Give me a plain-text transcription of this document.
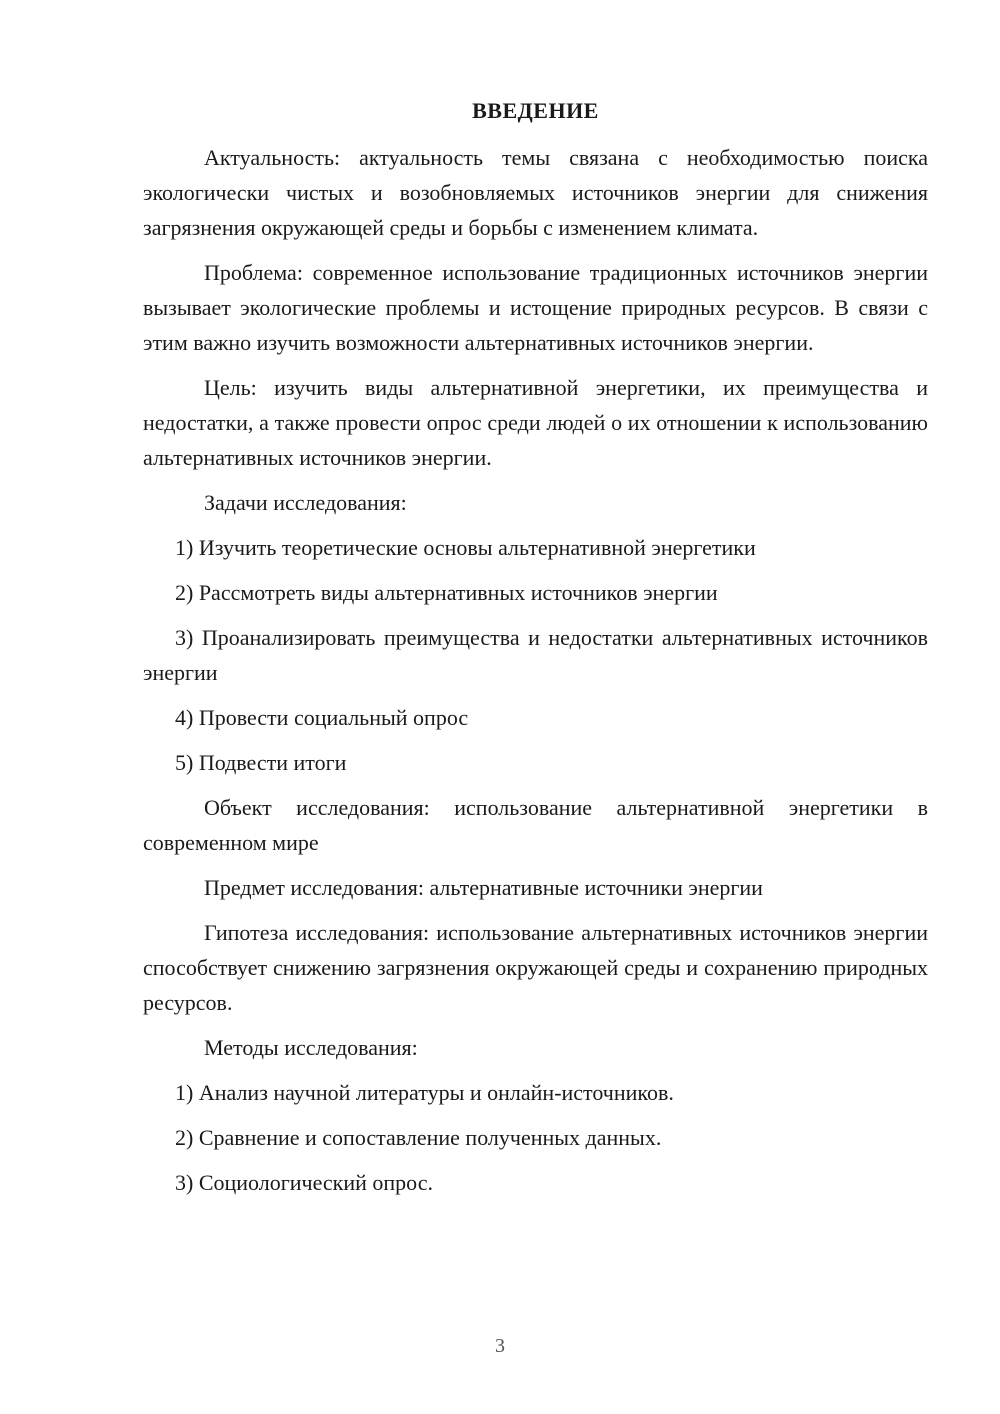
ВВЕДЕНИЕ

Актуальность: актуальность темы связана с необходимостью поиска экологически чистых и возобновляемых источников энергии для снижения загрязнения окружающей среды и борьбы с изменением климата.

Проблема: современное использование традиционных источников энергии вызывает экологические проблемы и истощение природных ресурсов. В связи с этим важно изучить возможности альтернативных источников энергии.

Цель: изучить виды альтернативной энергетики, их преимущества и недостатки, а также провести опрос среди людей о их отношении к использованию альтернативных источников энергии.

Задачи исследования:

1) Изучить теоретические основы альтернативной энергетики

2) Рассмотреть виды альтернативных источников энергии

3) Проанализировать преимущества и недостатки альтернативных источников энергии

4) Провести социальный опрос

5) Подвести итоги

Объект исследования: использование альтернативной энергетики в современном мире

Предмет исследования: альтернативные источники энергии

Гипотеза исследования: использование альтернативных источников энергии способствует снижению загрязнения окружающей среды и сохранению природных ресурсов.

Методы исследования:

1) Анализ научной литературы и онлайн-источников.

2) Сравнение и сопоставление полученных данных.

3) Социологический опрос.

3
